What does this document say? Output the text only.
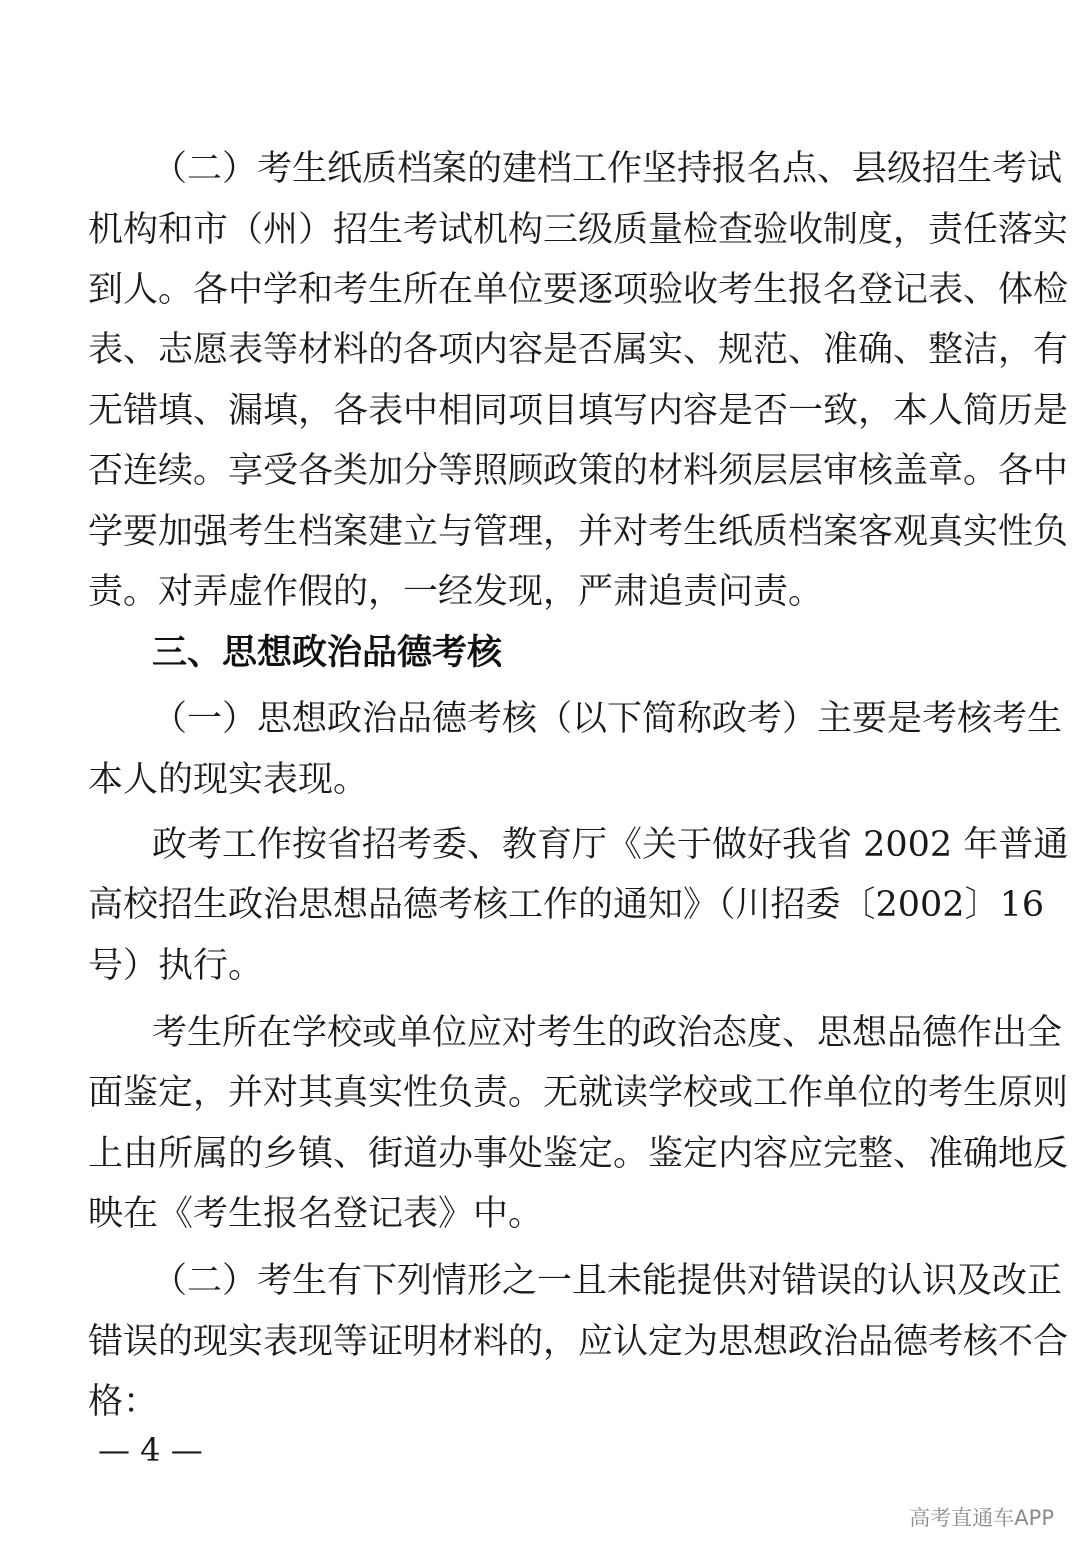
（二）考生纸质档案的建档工作坚持报名点、县级招生考试
机构和市（州）招生考试机构三级质量检查验收制度，责任落实
到人。各中学和考生所在单位要逐项验收考生报名登记表、体检
表、志愿表等材料的各项内容是否属实、规范、准确、整洁，有
无错填、漏填，各表中相同项目填写内容是否一致，本人简历是
否连续。享受各类加分等照顾政策的材料须层层审核盖章。各中
学要加强考生档案建立与管理，并对考生纸质档案客观真实性负
责。对弄虚作假的，一经发现，严肃追责问责。
三、思想政治品德考核
（一）思想政治品德考核（以下简称政考）主要是考核考生
本人的现实表现。
政考工作按省招考委、教育厅《关于做好我省 2002 年普通
高校招生政治思想品德考核工作的通知》（川招委〔2002〕16
号）执行。
考生所在学校或单位应对考生的政治态度、思想品德作出全
面鉴定，并对其真实性负责。无就读学校或工作单位的考生原则
上由所属的乡镇、街道办事处鉴定。鉴定内容应完整、准确地反
映在《考生报名登记表》中。
（二）考生有下列情形之一且未能提供对错误的认识及改正
错误的现实表现等证明材料的，应认定为思想政治品德考核不合
格：
— 4 —
高考直通车APP
